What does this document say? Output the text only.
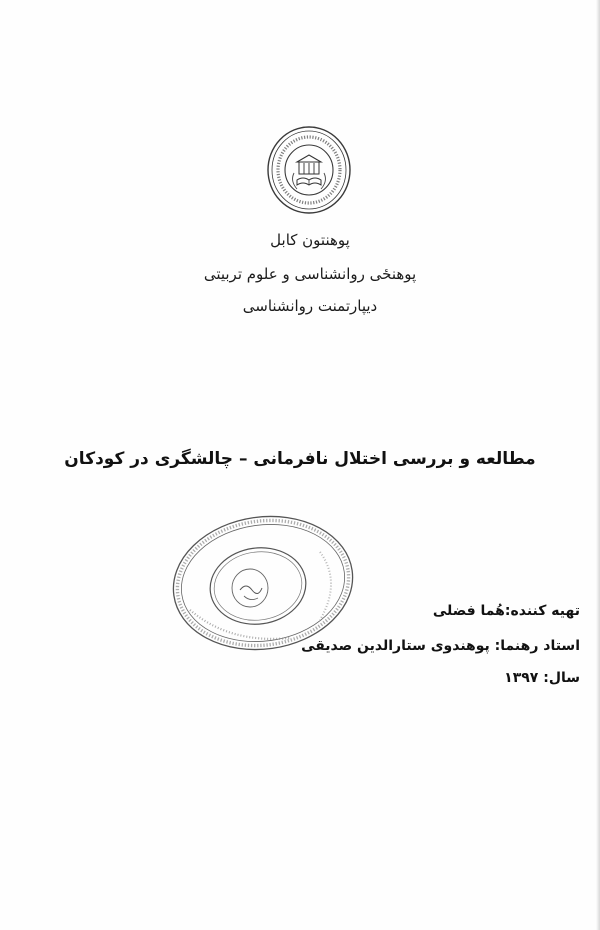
پوهنتون کابل
پوهنځی روانشناسی و علوم تربیتی
دیپارتمنت روانشناسی
مطالعه و بررسی اختلال نافرمانی – چالشگری در کودکان
تهیه کننده:هُما فضلی
استاد رهنما: پوهندوی ستارالدین صدیقی
سال: ۱۳۹۷
